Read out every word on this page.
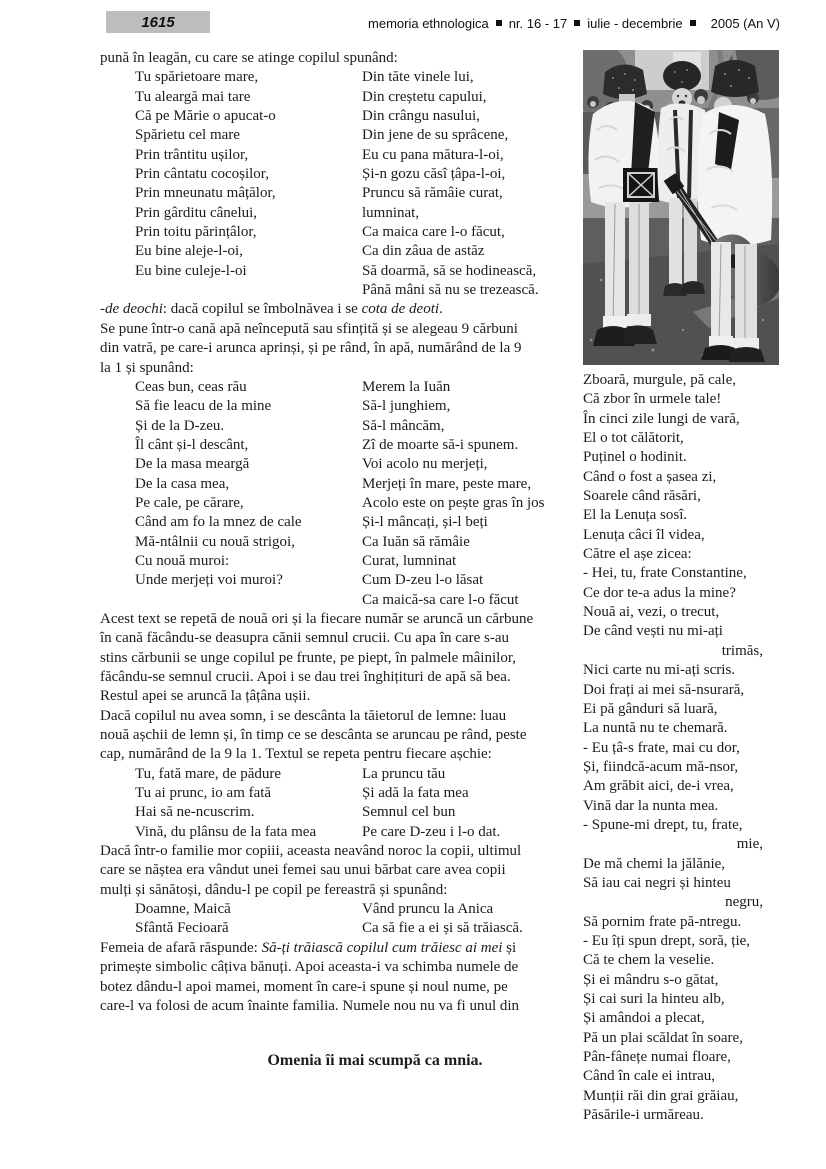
1615	memoria ethnologica nr. 16 - 17 iulie - decembrie 2005 (An V)
pună în leagăn, cu care se atinge copilul spunând:
Tu spărietoare mare,
Tu aleargă mai tare
Că pe Mărie o apucat-o
Spărietu cel mare
Prin trântitu ușilor,
Prin cântatu cocoșilor,
Prin mneunatu mâțălor,
Prin gârditu cânelui,
Prin toitu părințâlor,
Eu bine aleje-l-oi,
Eu bine culeje-l-oi
Din tăte vinele lui,
Din creștetu capului,
Din crângu nasului,
Din jene de su sprâcene,
Eu cu pana mătura-l-oi,
Și-n gozu căsî țâpa-l-oi,
Pruncu să rămâie curat,
lumninat,
Ca maica care l-o făcut,
Ca din zâua de astăz
Să doarmă, să se hodinească,
Până mâni să nu se trezească.
-de deochi: dacă copilul se îmbolnăvea i se cota de deoti.
Se pune într-o cană apă neîncepută sau sfințită și se alegeau 9 cărbuni
din vatră, pe care-i arunca aprinși, și pe rând, în apă, numărând de la 9
la 1 și spunând:
Ceas bun, ceas rău
Să fie leacu de la mine
Și de la D-zeu.
Îl cânt și-l descânt,
De la masa meargă
De la casa mea,
Pe cale, pe cărare,
Când am fo la mnez de cale
Mă-ntâlnii cu nouă strigoi,
Cu nouă muroi:
Unde merjeți voi muroi?
Merem la Iuăn
Să-l junghiem,
Să-l mâncăm,
Zî de moarte să-i spunem.
Voi acolo nu merjeți,
Merjeți în mare, peste mare,
Acolo este on pește gras în jos
Și-l mâncați, și-l beți
Ca Iuăn să rămâie
Curat, lumninat
Cum D-zeu l-o lăsat
Ca maică-sa care l-o făcut
Acest text se repetă de nouă ori și la fiecare număr se aruncă un cărbune
în cană făcându-se deasupra cănii semnul crucii. Cu apa în care s-au
stins cărbunii se unge copilul pe frunte, pe piept, în palmele mâinilor,
făcându-se semnul crucii. Apoi i se dau trei înghițituri de apă să bea.
Restul apei se aruncă la țâțâna ușii.
Dacă copilul nu avea somn, i se descânta la tăietorul de lemne: luau
nouă așchii de lemn și, în timp ce se descânta se aruncau pe rând, peste
cap, numărând de la 9 la 1. Textul se repeta pentru fiecare așchie:
Tu, fată mare, de pădure
Tu ai prunc, io am fată
Hai să ne-ncuscrim.
Vină, du plânsu de la fata mea
La pruncu tău
Și adă la fata mea
Semnul cel bun
Pe care D-zeu i l-o dat.
Dacă într-o familie mor copiii, aceasta neavând noroc la copii, ultimul
care se năștea era vândut unei femei sau unui bărbat care avea copii
mulți și sănătoși, dându-l pe copil pe fereastră și spunând:
Doamne, Maică
Sfântă Fecioară
Vând pruncu la Anica
Ca să fie a ei și să trăiască.
Femeia de afară răspunde: Să-ți trăiască copilul cum trăiesc ai mei și
primește simbolic câțiva bănuți. Apoi aceasta-i va schimba numele de
botez dându-l apoi mamei, moment în care-i spune și noul nume, pe
care-l va folosi de acum înainte familia. Numele nou nu va fi unul din
Zboară, murgule, pă cale,
Că zbor în urmele tale!
În cinci zile lungi de vară,
El o tot călătorit,
Puținel o hodinit.
Când o fost a șasea zi,
Soarele când răsări,
El la Lenuța sosî.
Lenuța câci îl videa,
Către el așe zicea:
- Hei, tu, frate Constantine,
Ce dor te-a adus la mine?
Nouă ai, vezi, o trecut,
De când vești nu mi-ați
trimăs,
Nici carte nu mi-ați scris.
Doi frați ai mei să-nsurară,
Ei pă gânduri să luară,
La nuntă nu te chemară.
- Eu țâ-s frate, mai cu dor,
Și, fiindcă-acum mă-nsor,
Am grăbit aici, de-i vrea,
Vină dar la nunta mea.
- Spune-mi drept, tu, frate,
mie,
De mă chemi la jălănie,
Să iau cai negri și hinteu
negru,
Să pornim frate pă-ntregu.
- Eu îți spun drept, soră, ție,
Că te chem la veselie.
Și ei mândru s-o gătat,
Și cai suri la hinteu alb,
Și amândoi a plecat,
Pă un plai scăldat în soare,
Pân-fânețe numai floare,
Când în cale ei intrau,
Munții răi din grai grăiau,
Păsările-i urmăreau.
Omenia îi mai scumpă ca mnia.
